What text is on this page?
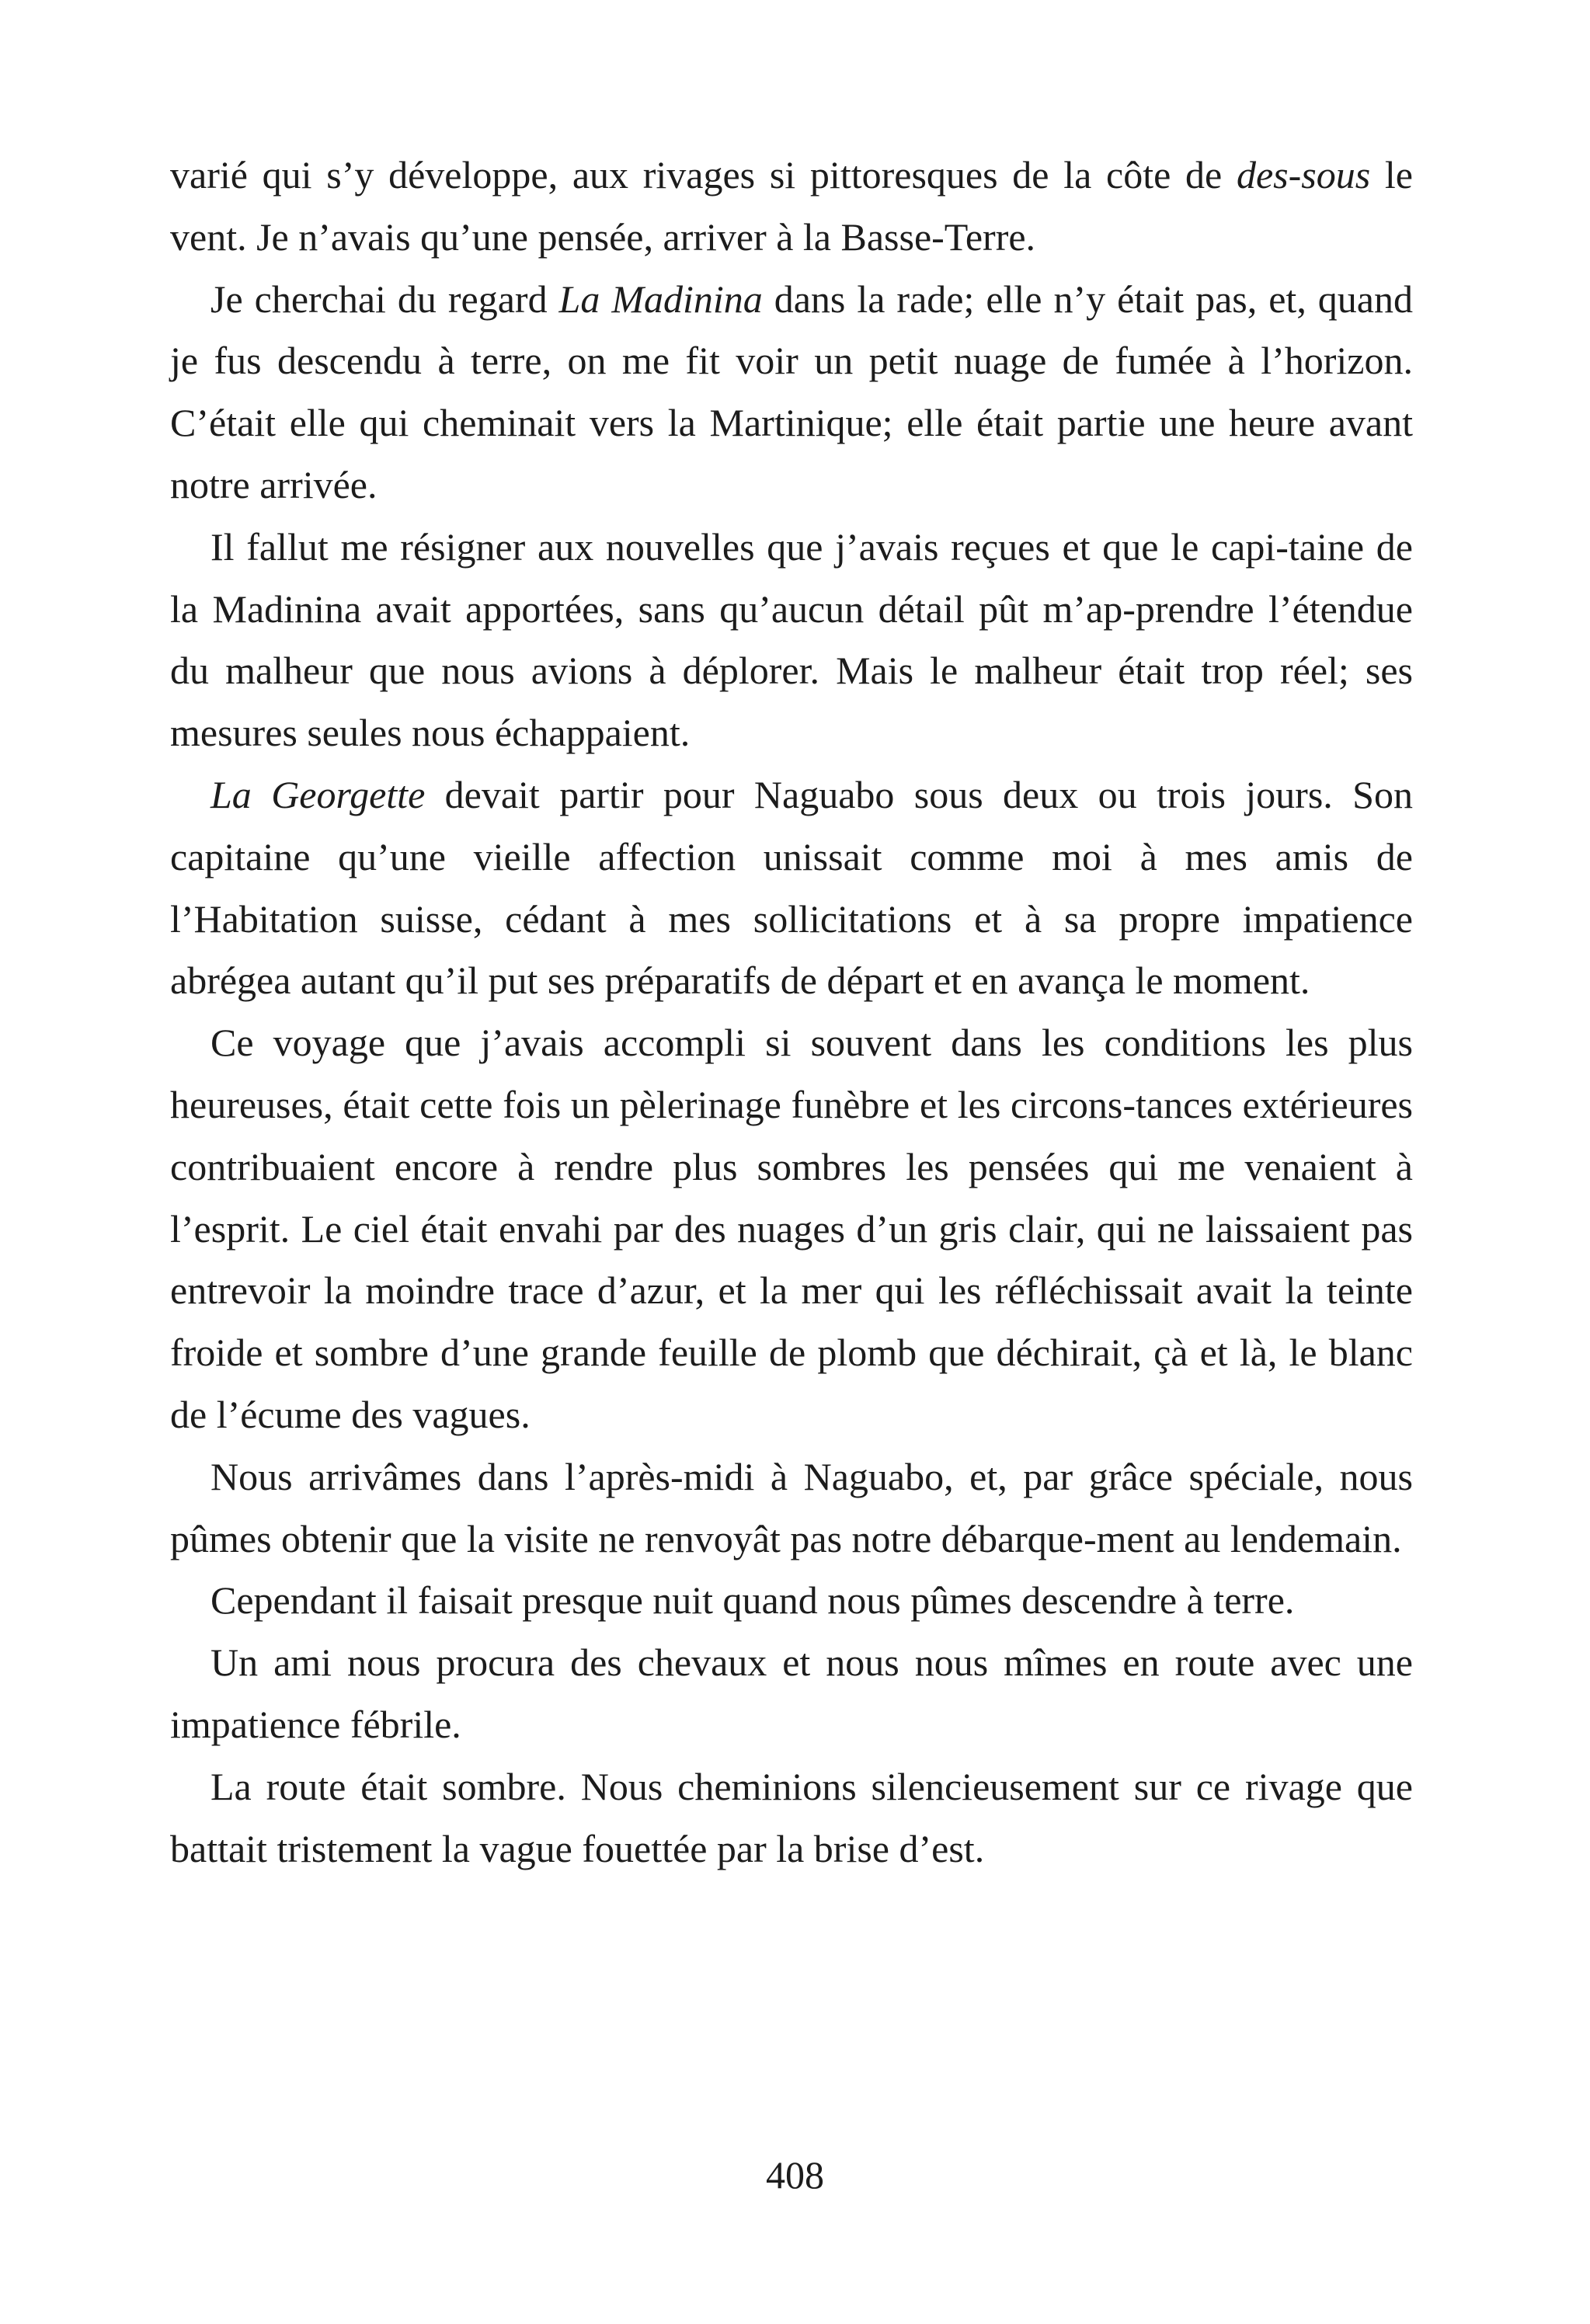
varié qui s’y développe, aux rivages si pittoresques de la côte de des-sous le vent. Je n’avais qu’une pensée, arriver à la Basse-Terre.

Je cherchai du regard La Madinina dans la rade; elle n’y était pas, et, quand je fus descendu à terre, on me fit voir un petit nuage de fumée à l’horizon. C’était elle qui cheminait vers la Martinique; elle était partie une heure avant notre arrivée.

Il fallut me résigner aux nouvelles que j’avais reçues et que le capi-taine de la Madinina avait apportées, sans qu’aucun détail pût m’ap-prendre l’étendue du malheur que nous avions à déplorer. Mais le malheur était trop réel; ses mesures seules nous échappaient.

La Georgette devait partir pour Naguabo sous deux ou trois jours. Son capitaine qu’une vieille affection unissait comme moi à mes amis de l’Habitation suisse, cédant à mes sollicitations et à sa propre impatience abrégea autant qu’il put ses préparatifs de départ et en avança le moment.

Ce voyage que j’avais accompli si souvent dans les conditions les plus heureuses, était cette fois un pèlerinage funèbre et les circons-tances extérieures contribuaient encore à rendre plus sombres les pensées qui me venaient à l’esprit. Le ciel était envahi par des nuages d’un gris clair, qui ne laissaient pas entrevoir la moindre trace d’azur, et la mer qui les réfléchissait avait la teinte froide et sombre d’une grande feuille de plomb que déchirait, çà et là, le blanc de l’écume des vagues.

Nous arrivâmes dans l’après-midi à Naguabo, et, par grâce spéciale, nous pûmes obtenir que la visite ne renvoyât pas notre débarque-ment au lendemain.

Cependant il faisait presque nuit quand nous pûmes descendre à terre.

Un ami nous procura des chevaux et nous nous mîmes en route avec une impatience fébrile.

La route était sombre. Nous cheminions silencieusement sur ce rivage que battait tristement la vague fouettée par la brise d’est.

408
